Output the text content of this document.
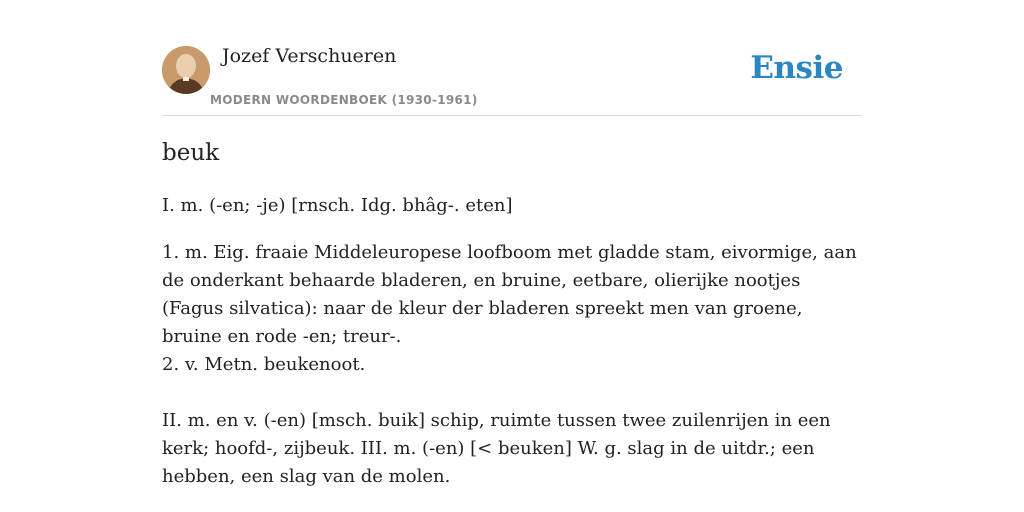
Jozef Verschueren
MODERN WOORDENBOEK (1930-1961)
Ensie
beuk

I. m. (-en; -je) [rnsch. Idg. bhâg-. eten]

1. m. Eig. fraaie Middeleuropese loofboom met gladde stam, eivormige, aan de onderkant behaarde bladeren, en bruine, eetbare, olierijke nootjes (Fagus silvatica): naar de kleur der bladeren spreekt men van groene, bruine en rode -en; treur-.

2. v. Metn. beukenoot.

II. m. en v. (-en) [msch. buik] schip, ruimte tussen twee zuilenrijen in een kerk; hoofd-, zijbeuk. III. m. (-en) [< beuken] W. g. slag in de uitdr.; een hebben, een slag van de molen.
